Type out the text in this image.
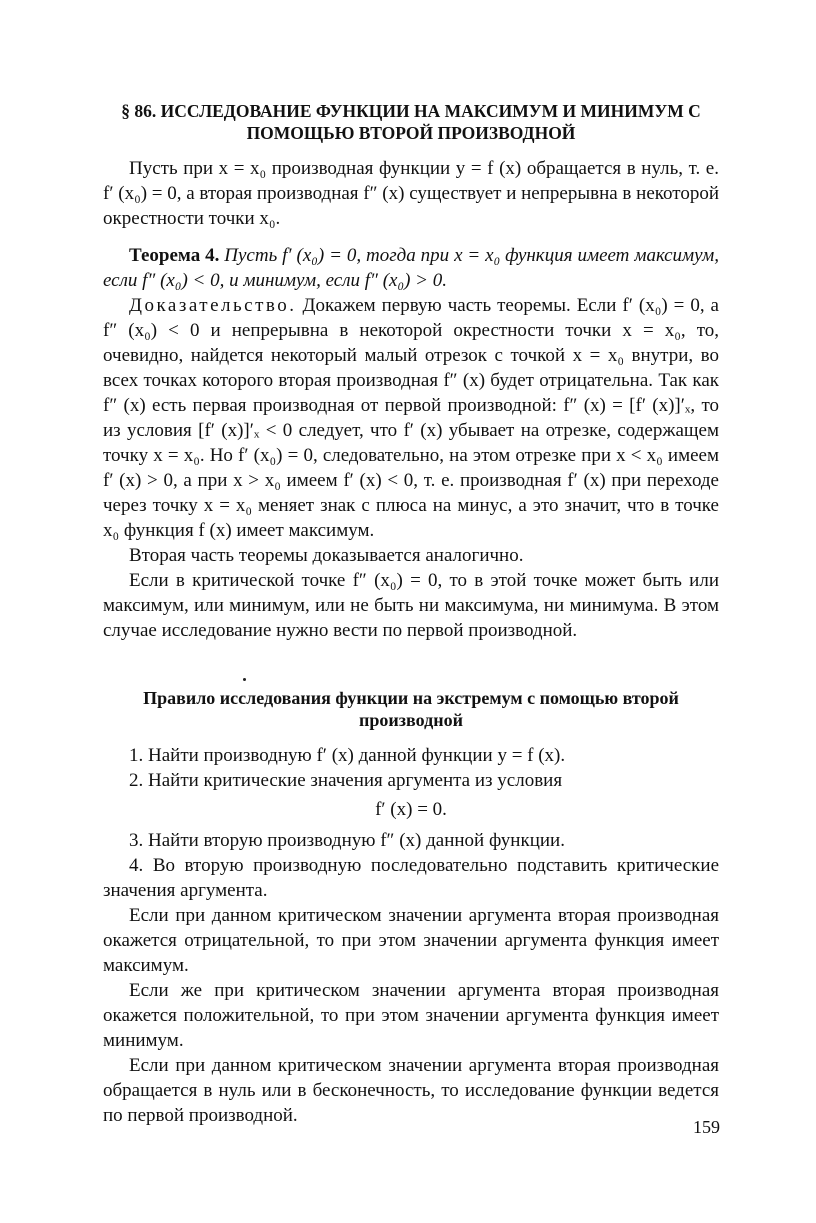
§ 86. ИССЛЕДОВАНИЕ ФУНКЦИИ НА МАКСИМУМ И МИНИМУМ С ПОМОЩЬЮ ВТОРОЙ ПРОИЗВОДНОЙ

Пусть при x = x₀ производная функции y = f (x) обращается в нуль, т. е. f′ (x₀) = 0, а вторая производная f″ (x) существует и непрерывна в некоторой окрестности точки x₀.

Теорема 4. Пусть f′ (x₀) = 0, тогда при x = x₀ функция имеет максимум, если f″ (x₀) < 0, и минимум, если f″ (x₀) > 0.

Доказательство. Докажем первую часть теоремы. Если f′ (x₀) = 0, а f″ (x₀) < 0 и непрерывна в некоторой окрестности точки x = x₀, то, очевидно, найдется некоторый малый отрезок с точкой x = x₀ внутри, во всех точках которого вторая производная f″ (x) будет отрицательна. Так как f″ (x) есть первая производная от первой производной: f″ (x) = [f′ (x)]′ₓ, то из условия [f′ (x)]′ₓ < 0 следует, что f′ (x) убывает на отрезке, содержащем точку x = x₀. Но f′ (x₀) = 0, следовательно, на этом отрезке при x < x₀ имеем f′ (x) > 0, а при x > x₀ имеем f′ (x) < 0, т. е. производная f′ (x) при переходе через точку x = x₀ меняет знак с плюса на минус, а это значит, что в точке x₀ функция f (x) имеет максимум.

Вторая часть теоремы доказывается аналогично.

Если в критической точке f″ (x₀) = 0, то в этой точке может быть или максимум, или минимум, или не быть ни максимума, ни минимума. В этом случае исследование нужно вести по первой производной.

Правило исследования функции на экстремум с помощью второй производной

1. Найти производную f′ (x) данной функции y = f (x).

2. Найти критические значения аргумента из условия

f′ (x) = 0.

3. Найти вторую производную f″ (x) данной функции.

4. Во вторую производную последовательно подставить критические значения аргумента.

Если при данном критическом значении аргумента вторая производная окажется отрицательной, то при этом значении аргумента функция имеет максимум.

Если же при критическом значении аргумента вторая производная окажется положительной, то при этом значении аргумента функция имеет минимум.

Если при данном критическом значении аргумента вторая производная обращается в нуль или в бесконечность, то исследование функции ведется по первой производной.

159
